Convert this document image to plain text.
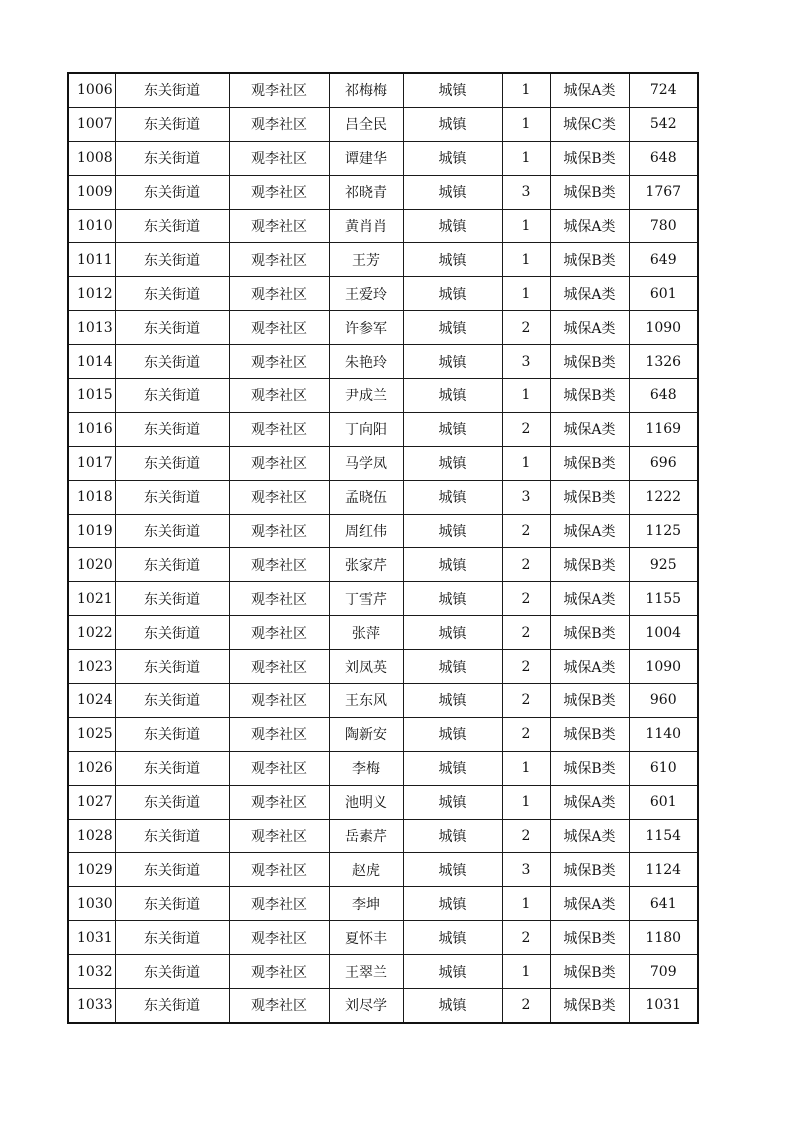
1006	东关街道	观李社区	祁梅梅	城镇	1	城保A类	724
1007	东关街道	观李社区	吕全民	城镇	1	城保C类	542
1008	东关街道	观李社区	谭建华	城镇	1	城保B类	648
1009	东关街道	观李社区	祁晓青	城镇	3	城保B类	1767
1010	东关街道	观李社区	黄肖肖	城镇	1	城保A类	780
1011	东关街道	观李社区	王芳	城镇	1	城保B类	649
1012	东关街道	观李社区	王爱玲	城镇	1	城保A类	601
1013	东关街道	观李社区	许参军	城镇	2	城保A类	1090
1014	东关街道	观李社区	朱艳玲	城镇	3	城保B类	1326
1015	东关街道	观李社区	尹成兰	城镇	1	城保B类	648
1016	东关街道	观李社区	丁向阳	城镇	2	城保A类	1169
1017	东关街道	观李社区	马学凤	城镇	1	城保B类	696
1018	东关街道	观李社区	孟晓伍	城镇	3	城保B类	1222
1019	东关街道	观李社区	周红伟	城镇	2	城保A类	1125
1020	东关街道	观李社区	张家芹	城镇	2	城保B类	925
1021	东关街道	观李社区	丁雪芹	城镇	2	城保A类	1155
1022	东关街道	观李社区	张萍	城镇	2	城保B类	1004
1023	东关街道	观李社区	刘凤英	城镇	2	城保A类	1090
1024	东关街道	观李社区	王东风	城镇	2	城保B类	960
1025	东关街道	观李社区	陶新安	城镇	2	城保B类	1140
1026	东关街道	观李社区	李梅	城镇	1	城保B类	610
1027	东关街道	观李社区	池明义	城镇	1	城保A类	601
1028	东关街道	观李社区	岳素芹	城镇	2	城保A类	1154
1029	东关街道	观李社区	赵虎	城镇	3	城保B类	1124
1030	东关街道	观李社区	李坤	城镇	1	城保A类	641
1031	东关街道	观李社区	夏怀丰	城镇	2	城保B类	1180
1032	东关街道	观李社区	王翠兰	城镇	1	城保B类	709
1033	东关街道	观李社区	刘尽学	城镇	2	城保B类	1031
